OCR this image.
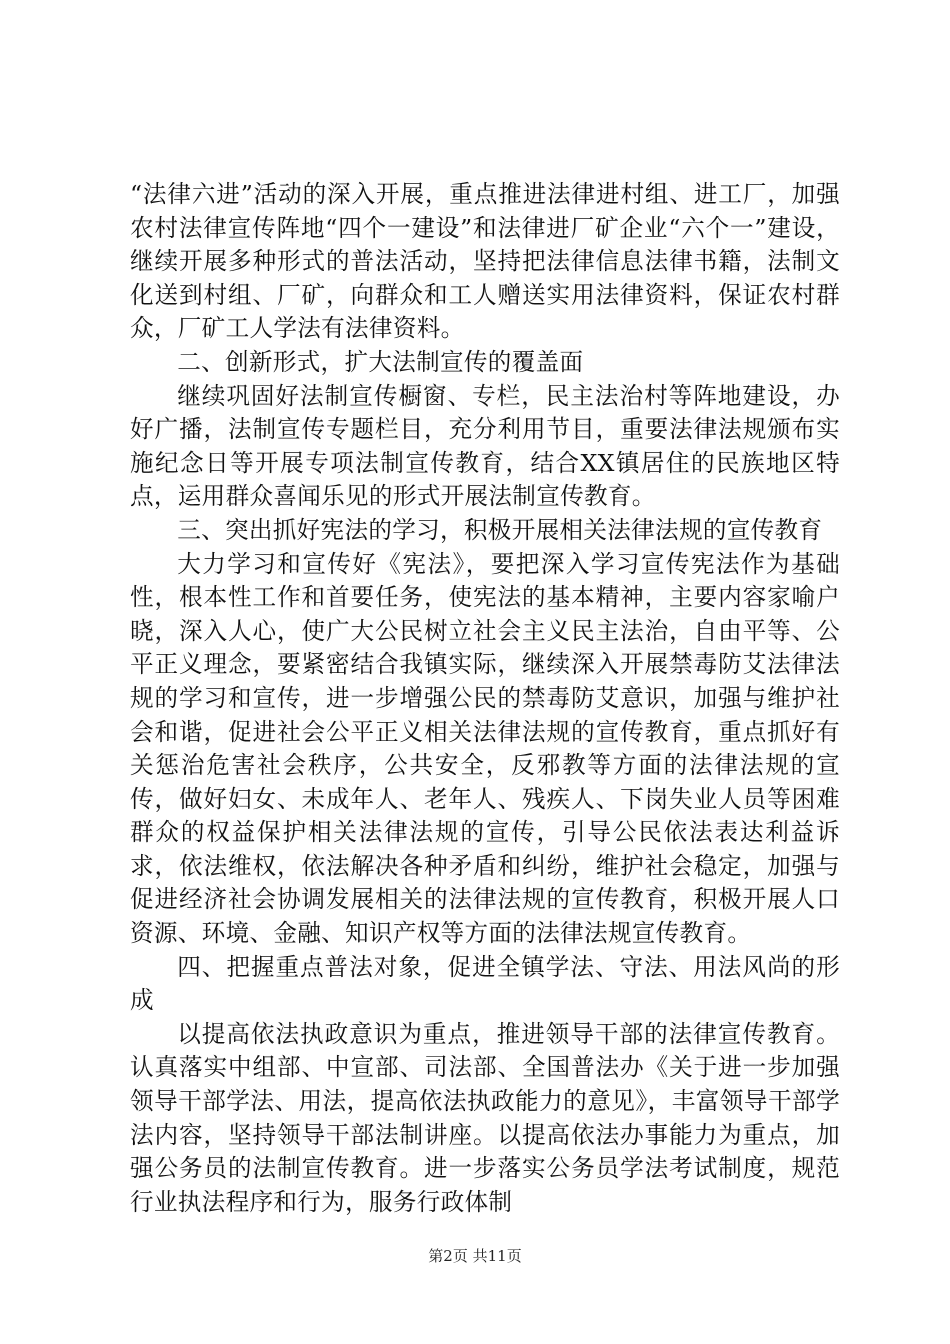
“法律六进”活动的深入开展，重点推进法律进村组、进工厂，加强农村法律宣传阵地“四个一建设”和法律进厂矿企业“六个一”建设，继续开展多种形式的普法活动，坚持把法律信息法律书籍，法制文化送到村组、厂矿，向群众和工人赠送实用法律资料，保证农村群众，厂矿工人学法有法律资料。

二、创新形式，扩大法制宣传的覆盖面

继续巩固好法制宣传橱窗、专栏，民主法治村等阵地建设，办好广播，法制宣传专题栏目，充分利用节目，重要法律法规颁布实施纪念日等开展专项法制宣传教育，结合XX镇居住的民族地区特点，运用群众喜闻乐见的形式开展法制宣传教育。

三、突出抓好宪法的学习，积极开展相关法律法规的宣传教育

大力学习和宣传好《宪法》，要把深入学习宣传宪法作为基础性，根本性工作和首要任务，使宪法的基本精神，主要内容家喻户晓，深入人心，使广大公民树立社会主义民主法治，自由平等、公平正义理念，要紧密结合我镇实际，继续深入开展禁毒防艾法律法规的学习和宣传，进一步增强公民的禁毒防艾意识，加强与维护社会和谐，促进社会公平正义相关法律法规的宣传教育，重点抓好有关惩治危害社会秩序，公共安全，反邪教等方面的法律法规的宣传，做好妇女、未成年人、老年人、残疾人、下岗失业人员等困难群众的权益保护相关法律法规的宣传，引导公民依法表达利益诉求，依法维权，依法解决各种矛盾和纠纷，维护社会稳定，加强与促进经济社会协调发展相关的法律法规的宣传教育，积极开展人口资源、环境、金融、知识产权等方面的法律法规宣传教育。

四、把握重点普法对象，促进全镇学法、守法、用法风尚的形成

以提高依法执政意识为重点，推进领导干部的法律宣传教育。认真落实中组部、中宣部、司法部、全国普法办《关于进一步加强领导干部学法、用法，提高依法执政能力的意见》，丰富领导干部学法内容，坚持领导干部法制讲座。以提高依法办事能力为重点，加强公务员的法制宣传教育。进一步落实公务员学法考试制度，规范行业执法程序和行为，服务行政体制

第2页 共11页
